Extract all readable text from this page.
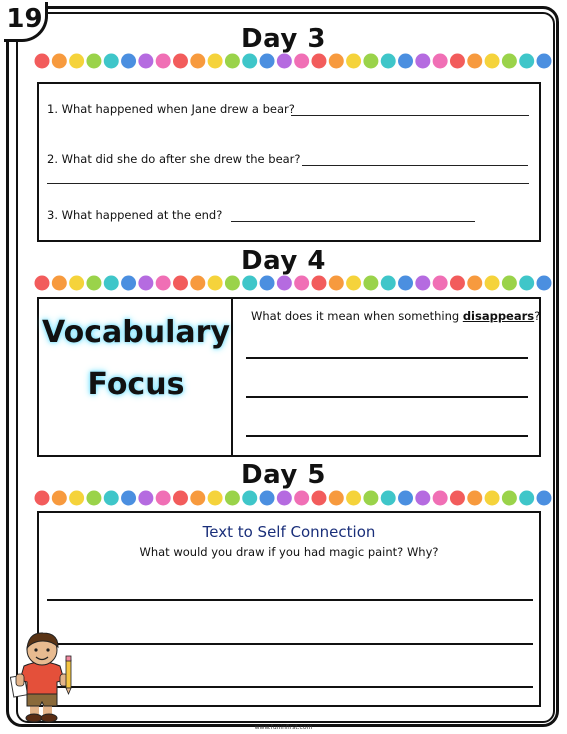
19
Day 3
1. What happened when Jane drew a bear?
2. What did she do after she drew the bear?
3. What happened at the end?
Day 4
Vocabulary
Focus
What does it mean when something disappears?
Day 5
Text to Self Connection
What would you draw if you had magic paint? Why?
www.funinfirst.com
